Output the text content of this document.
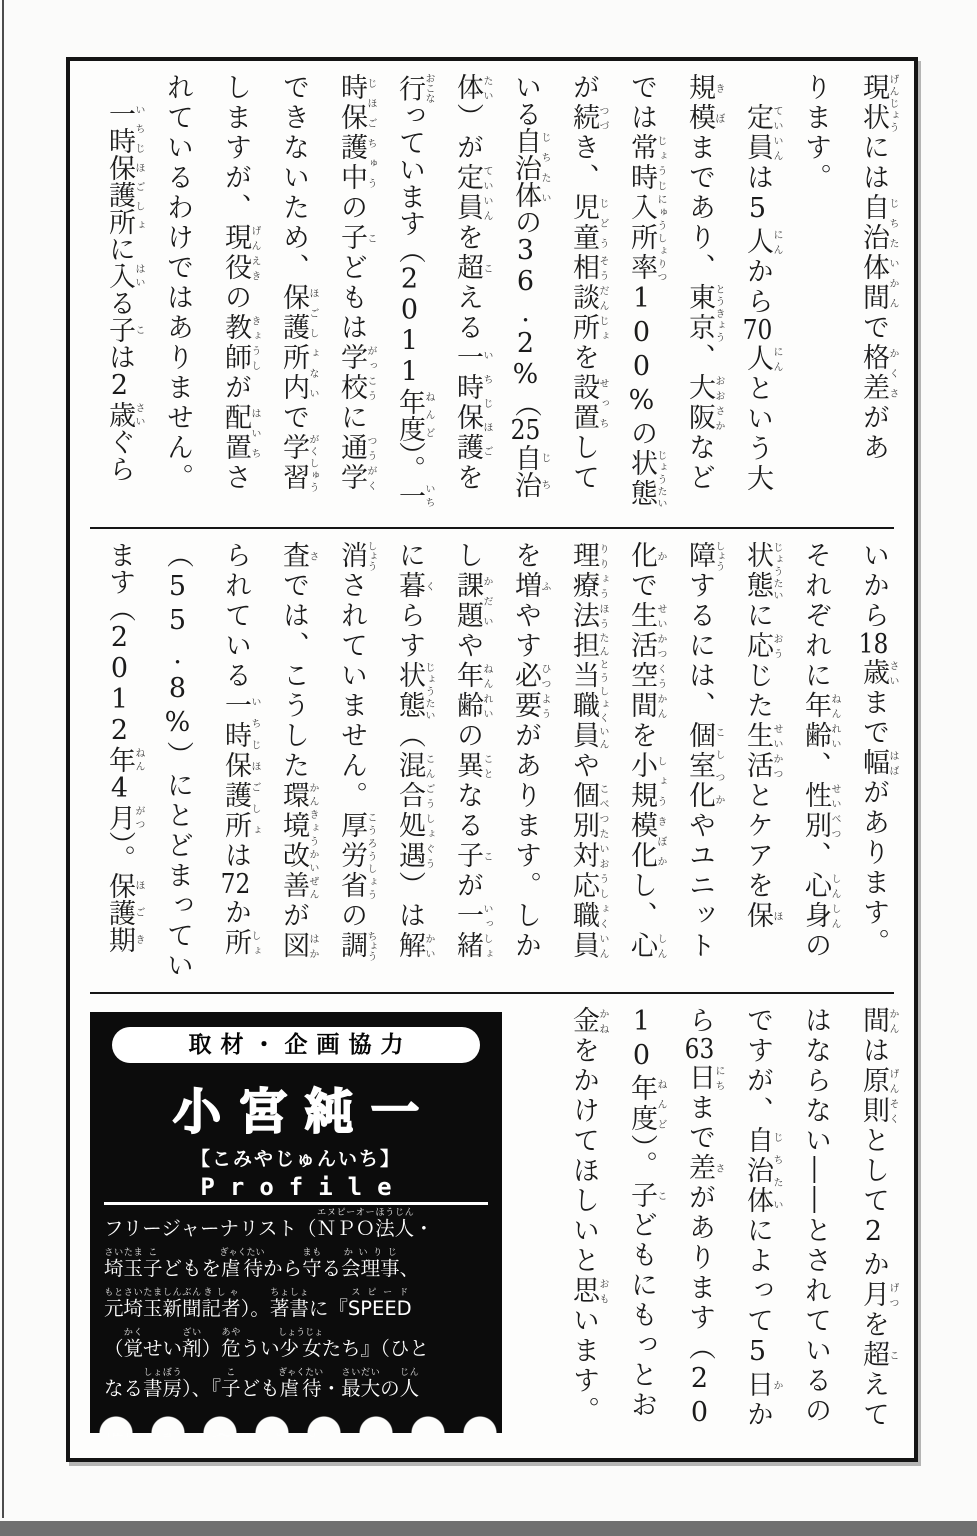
現状げんじょうには自治体間じちたいかんで格差かくさがあ

ります。

　定員ていいんは5人にんから70人にんという大

規模きぼまであり、東京とうきょう、大阪おおさかなど

では常時じょうじ入所率にゅうしょりつ100%の状態じょうたい

が続つづき、児童じどう相談所そうだんじょを設置せっちして

いる自治体じちたいの36.2%（25自治じち

体たい）が定員ていいんを超こえる一時保護いちじほごを

行おこなっています（2011年度ねんど）。一いち

時保護中じほごちゅうの子こどもは学校がっこうに通学つうがく

できないため、保護所内ほごしょないで学習がくしゅう

しますが、現役げんえきの教師きょうしが配置はいちさ

れているわけではありません。

　一時保護所いちじほごしょに入はいる子こは2歳さいぐら

いから18歳さいまで幅はばがあります。

それぞれに年齢ねんれい、性別せいべつ、心身しんしんの

状態じょうたいに応おうじた生活せいかつとケアを保ほ

障しょうするには、個室化こしつかやユニット

化かで生活空間せいかつくうかんを小規模化しょうきぼかし、心しん

理療法りりょうほう担当職員たんとうしょくいんや個別対応職員こべつたいおうしょくいん

を増ふやす必要ひつようがあります。しか

し課題かだいや年齢ねんれいの異ことなる子こが一緒いっしょ

に暮くらす状態じょうたい（混合処遇こんごうしょぐう）は解かい

消しょうされていません。厚労省こうろうしょうの調ちょう

査さでは、こうした環境改善かんきょうかいぜんが図はか

られている一時保護所いちじほごしょは72か所しょ

（55.8%）にとどまってい

ます（2012年ねん4月がつ）。保護期ほごき

間かんは原則げんそくとして2か月げつを超こえて

はならない――とされているの

ですが、自治体じちたいによって5日かか

ら63日にちまで差さがあります（20

10年度ねんど）。子こどもにもっとお

金かねをかけてほしいと思おもいます。

取材・企画協力
小宮純一
【こみやじゅんいち】
Profile
フリージャーナリスト（ＮＰＯエヌピーオー法人ほうじん・
埼玉さいたま子こどもを虐待ぎゃくたいから守まもる会理事かいりじ、
元もと埼玉さいたま新聞しんぶん記者きしゃ）。著書ちょしょに『SPEEDスピード
（覚かくせい剤ざい）危あやうい少女しょうじょたち』（ひと
なる書房しょぼう）、『子こども虐待ぎゃくたい・最大さいだいの人じん
